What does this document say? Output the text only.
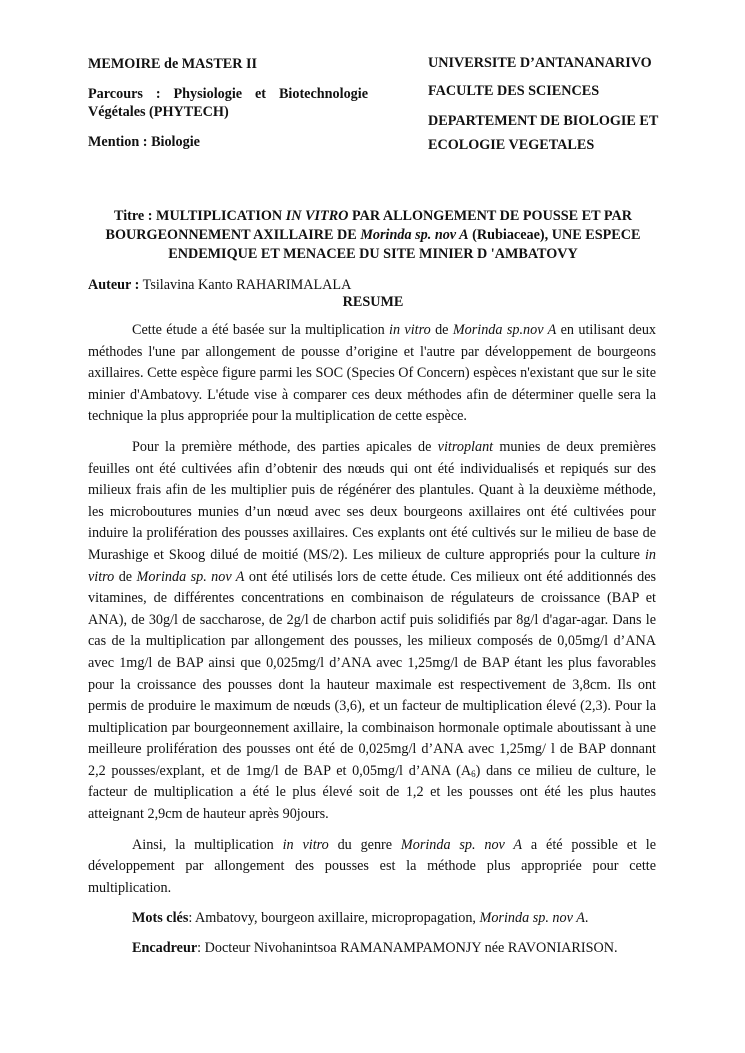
MEMOIRE de MASTER II

Parcours : Physiologie et Biotechnologie Végétales (PHYTECH)

Mention : Biologie

UNIVERSITE D’ANTANANARIVO

FACULTE DES SCIENCES

DEPARTEMENT DE BIOLOGIE ET ECOLOGIE VEGETALES

Titre : MULTIPLICATION IN VITRO PAR ALLONGEMENT DE POUSSE ET PAR BOURGEONNEMENT AXILLAIRE DE Morinda sp. nov A (Rubiaceae), UNE ESPECE ENDEMIQUE ET MENACEE DU SITE MINIER D 'AMBATOVY
Auteur : Tsilavina Kanto RAHARIMALALA
RESUME

Cette étude a été basée sur la multiplication in vitro de Morinda sp.nov A en utilisant deux méthodes l'une par allongement de pousse d’origine et l'autre par développement de bourgeons axillaires. Cette espèce figure parmi les SOC (Species Of Concern) espèces n'existant que sur le site minier d'Ambatovy. L'étude vise à comparer ces deux méthodes afin de déterminer quelle sera la technique la plus appropriée pour la multiplication de cette espèce.

Pour la première méthode, des parties apicales de vitroplant munies de deux premières feuilles ont été cultivées afin d’obtenir des nœuds qui ont été individualisés et repiqués sur des milieux frais afin de les multiplier puis de régénérer des plantules. Quant à la deuxième méthode, les microboutures munies d’un nœud avec ses deux bourgeons axillaires ont été cultivées pour induire la prolifération des pousses axillaires. Ces explants ont été cultivés sur le milieu de base de Murashige et Skoog dilué de moitié (MS/2). Les milieux de culture appropriés pour la culture in vitro de Morinda sp. nov A ont été utilisés lors de cette étude. Ces milieux ont été additionnés des vitamines, de différentes concentrations en combinaison de régulateurs de croissance (BAP et ANA), de 30g/l de saccharose, de 2g/l de charbon actif puis solidifiés par 8g/l d'agar-agar. Dans le cas de la multiplication par allongement des pousses, les milieux composés de 0,05mg/l d’ANA avec 1mg/l de BAP ainsi que 0,025mg/l d’ANA avec 1,25mg/l de BAP étant les plus favorables pour la croissance des pousses dont la hauteur maximale est respectivement de 3,8cm. Ils ont permis de produire le maximum de nœuds (3,6), et un facteur de multiplication élevé (2,3). Pour la multiplication par bourgeonnement axillaire, la combinaison hormonale optimale aboutissant à une meilleure prolifération des pousses ont été de 0,025mg/l d’ANA avec 1,25mg/ l de BAP donnant 2,2 pousses/explant, et de 1mg/l de BAP et 0,05mg/l d’ANA $(A_6)$ dans ce milieu de culture, le facteur de multiplication a été le plus élevé soit de 1,2 et les pousses ont été les plus hautes atteignant 2,9cm de hauteur après 90jours.

Ainsi, la multiplication in vitro du genre Morinda sp. nov A a été possible et le développement par allongement des pousses est la méthode plus appropriée pour cette multiplication.

Mots clés: Ambatovy, bourgeon axillaire, micropropagation, Morinda sp. nov A.

Encadreur: Docteur Nivohanintsoa RAMANAMPAMONJY née RAVONIARISON.
